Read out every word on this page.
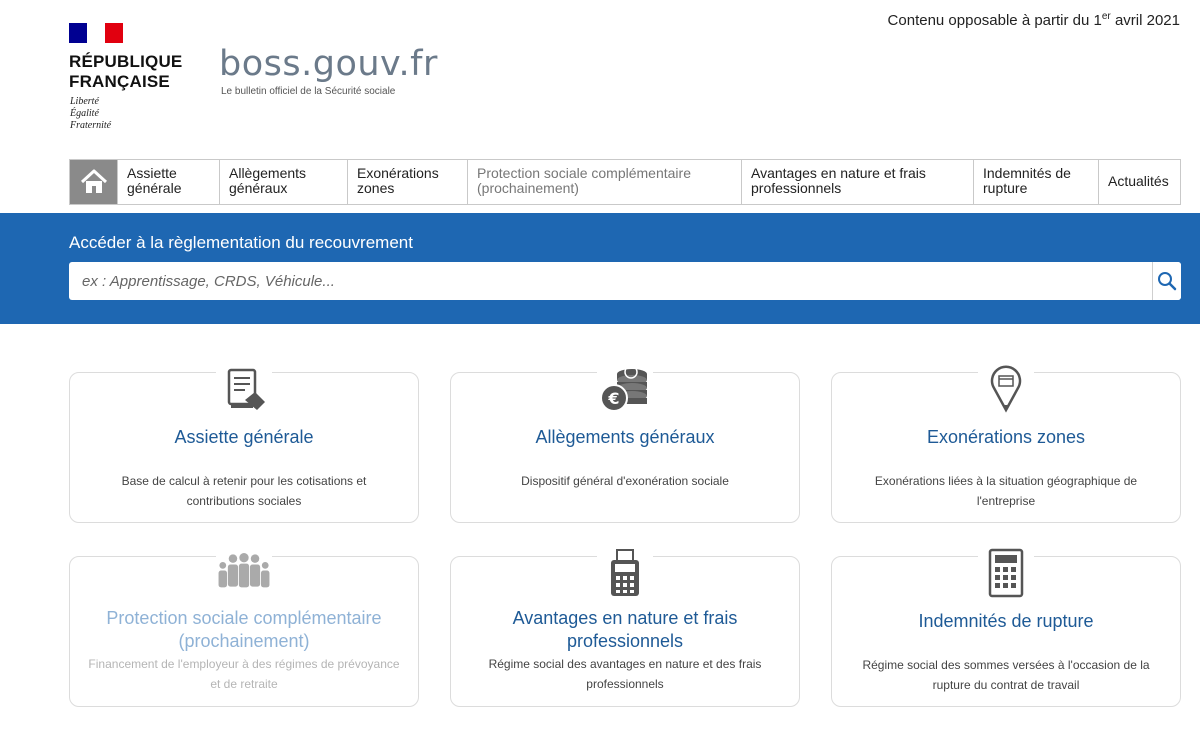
RÉPUBLIQUE
FRANÇAISE
Liberté
Égalité
Fraternité
boss.gouv.fr
Le bulletin officiel de la Sécurité sociale
Contenu opposable à partir du 1er avril 2021
Assiette
générale
Allègements
généraux
Exonérations
zones
Protection sociale complémentaire
(prochainement)
Avantages en nature et frais
professionnels
Indemnités de
rupture	Actualités
Accéder à la règlementation du recouvrement
ex : Apprentissage, CRDS, Véhicule...
Assiette générale
Base de calcul à retenir pour les cotisations et
contributions sociales
€
Allègements généraux
Dispositif général d'exonération sociale
Exonérations zones
Exonérations liées à la situation géographique de
l'entreprise
Protection sociale complémentaire
(prochainement)
Financement de l'employeur à des régimes de prévoyance
et de retraite
Avantages en nature et frais
professionnels
Régime social des avantages en nature et des frais
professionnels
Indemnités de rupture
Régime social des sommes versées à l'occasion de la
rupture du contrat de travail
